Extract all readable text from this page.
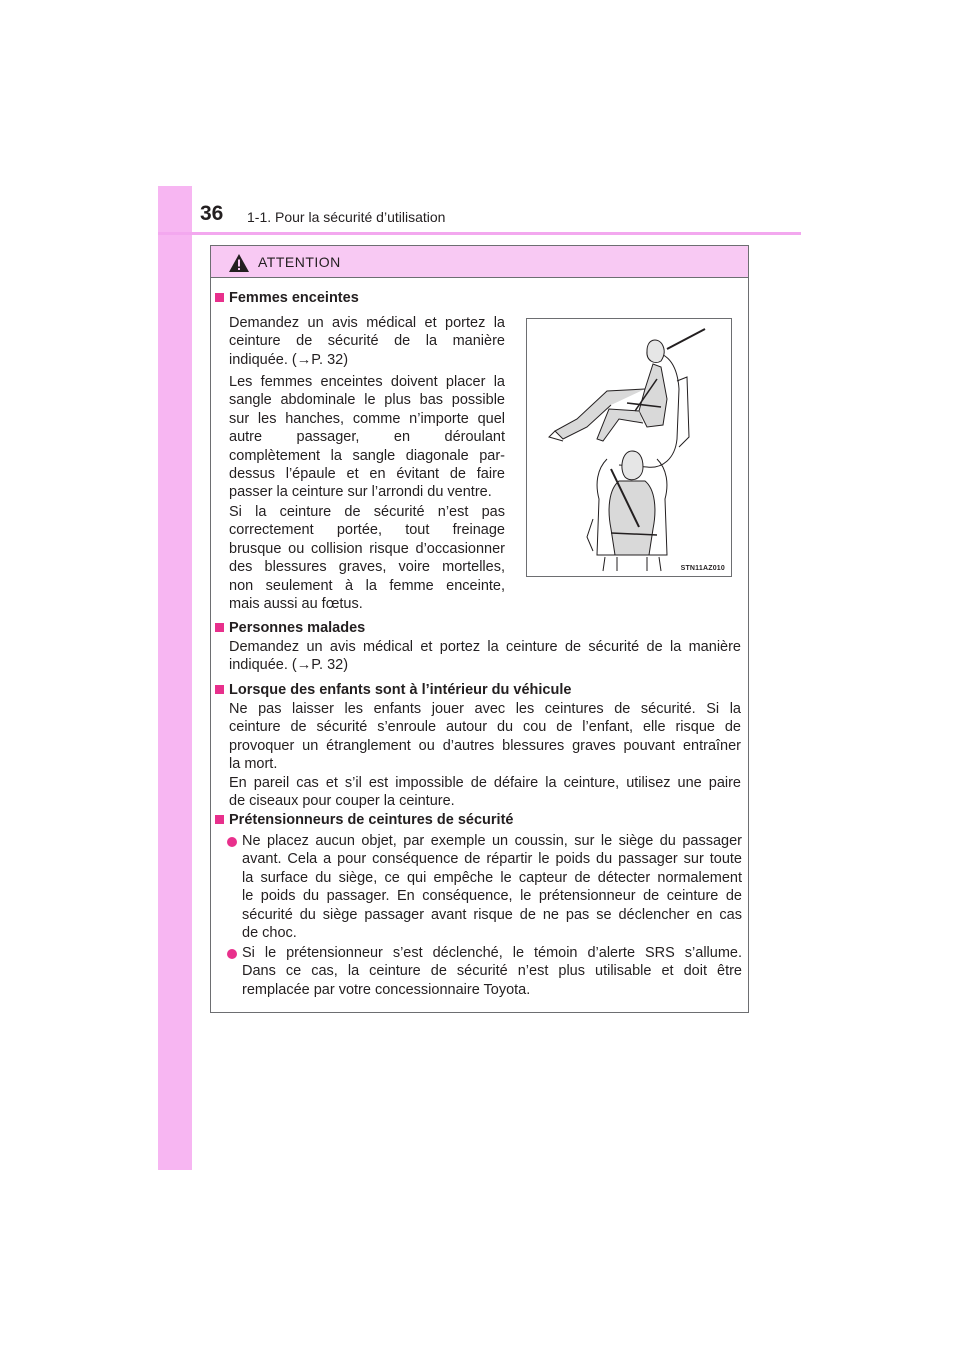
36 1-1. Pour la sécurité d’utilisation
ATTENTION
Femmes enceintes
Demandez un avis médical et portez la
ceinture de sécurité de la manière
indiquée. (→P. 32)
Les femmes enceintes doivent placer la
sangle abdominale le plus bas possible
sur les hanches, comme n’importe quel
autre passager, en déroulant
complètement la sangle diagonale par-
dessus l’épaule et en évitant de faire
passer la ceinture sur l’arrondi du ventre.
Si la ceinture de sécurité n’est pas
correctement portée, tout freinage
brusque ou collision risque d’occasionner
des blessures graves, voire mortelles,
non seulement à la femme enceinte,
mais aussi au fœtus.
STN11AZ010
Personnes malades
Demandez un avis médical et portez la ceinture de sécurité de la manière
indiquée. (→P. 32)
Lorsque des enfants sont à l’intérieur du véhicule
Ne pas laisser les enfants jouer avec les ceintures de sécurité. Si la
ceinture de sécurité s’enroule autour du cou de l’enfant, elle risque de
provoquer un étranglement ou d’autres blessures graves pouvant entraîner
la mort.
En pareil cas et s’il est impossible de défaire la ceinture, utilisez une paire
de ciseaux pour couper la ceinture.
Prétensionneurs de ceintures de sécurité
Ne placez aucun objet, par exemple un coussin, sur le siège du passager
avant. Cela a pour conséquence de répartir le poids du passager sur toute
la surface du siège, ce qui empêche le capteur de détecter normalement
le poids du passager. En conséquence, le prétensionneur de ceinture de
sécurité du siège passager avant risque de ne pas se déclencher en cas
de choc.
Si le prétensionneur s’est déclenché, le témoin d’alerte SRS s’allume.
Dans ce cas, la ceinture de sécurité n’est plus utilisable et doit être
remplacée par votre concessionnaire Toyota.
